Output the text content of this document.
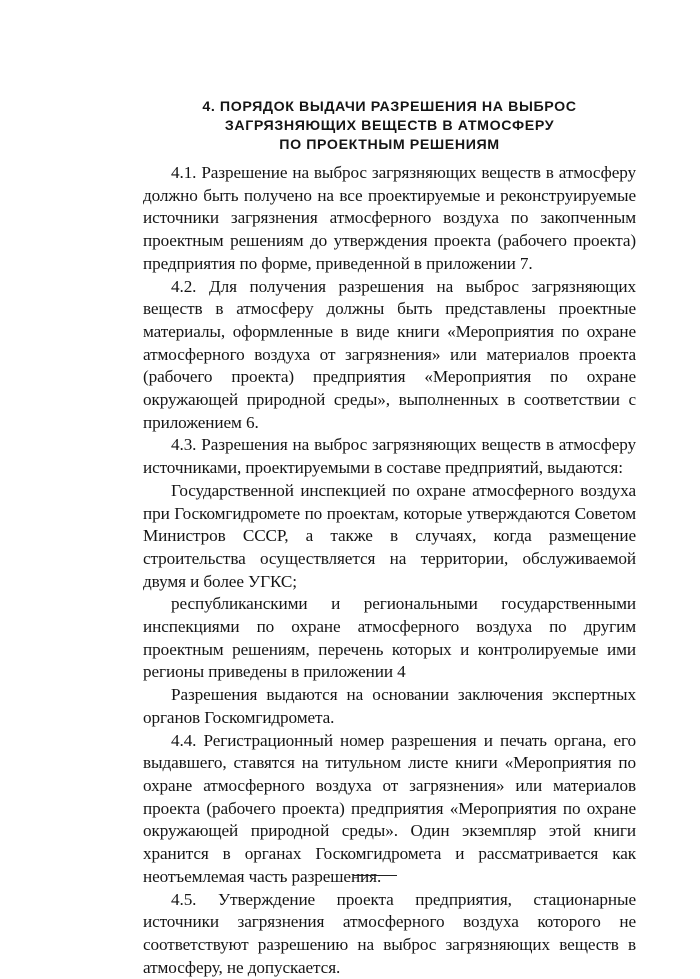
4. ПОРЯДОК ВЫДАЧИ РАЗРЕШЕНИЯ НА ВЫБРОС
ЗАГРЯЗНЯЮЩИХ ВЕЩЕСТВ В АТМОСФЕРУ
ПО ПРОЕКТНЫМ РЕШЕНИЯМ

4.1. Разрешение на выброс загрязняющих веществ в атмосферу должно быть получено на все проектируемые и реконструируемые источники загрязнения атмосферного воздуха по закопченным проектным решениям до утверждения проекта (рабочего проекта) предприятия по форме, приведенной в приложении 7.

4.2. Для получения разрешения на выброс загрязняющих веществ в атмосферу должны быть представлены проектные материалы, оформленные в виде книги «Мероприятия по охране атмосферного воздуха от загрязнения» или материалов проекта (рабочего проекта) предприятия «Мероприятия по охране окружающей природной среды», выполненных в соответствии с приложением 6.

4.3. Разрешения на выброс загрязняющих веществ в атмосферу источниками, проектируемыми в составе предприятий, выдаются:

Государственной инспекцией по охране атмосферного воздуха при Госкомгидромете по проектам, которые утверждаются Советом Министров СССР, а также в случаях, когда размещение строительства осуществляется на территории, обслуживаемой двумя и более УГКС;

республиканскими и региональными государственными инспекциями по охране атмосферного воздуха по другим проектным решениям, перечень которых и контролируемые ими регионы приведены в приложении 4

Разрешения выдаются на основании заключения экспертных органов Госкомгидромета.

4.4. Регистрационный номер разрешения и печать органа, его выдавшего, ставятся на титульном листе книги «Мероприятия по охране атмосферного воздуха от загрязнения» или материалов проекта (рабочего проекта) предприятия «Мероприятия по охране окружающей природной среды». Один экземпляр этой книги хранится в органах Госкомгидромета и рассматривается как неотъемлемая часть разрешения.

4.5. Утверждение проекта предприятия, стационарные источники загрязнения атмосферного воздуха которого не соответствуют разрешению на выброс загрязняющих веществ в атмосферу, не допускается.
